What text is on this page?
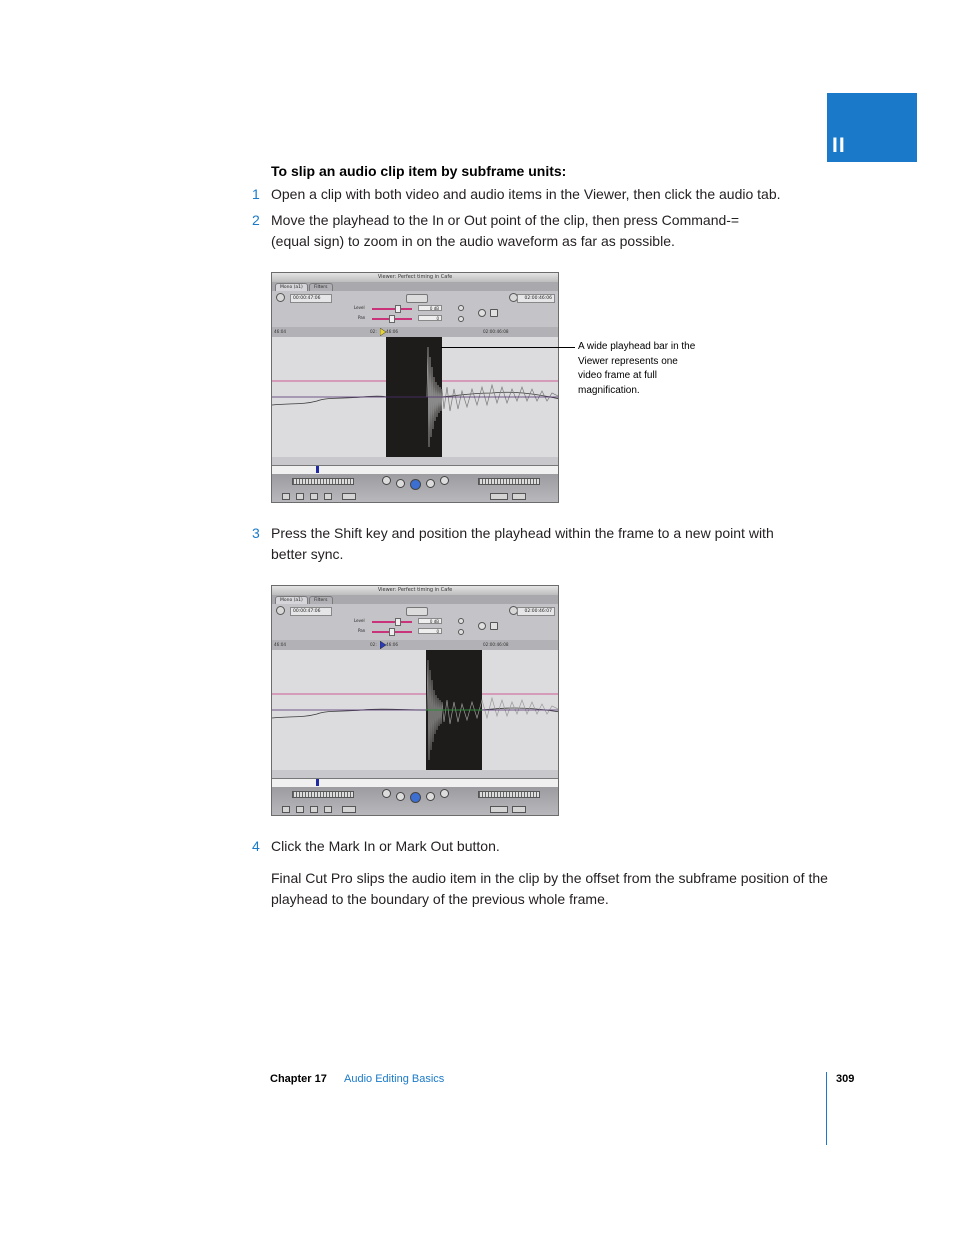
II
To slip an audio clip item by subframe units:
1 Open a clip with both video and audio items in the Viewer, then click the audio tab.
2 Move the playhead to the In or Out point of the clip, then press Command-= (equal sign) to zoom in on the audio waveform as far as possible.
Viewer: Perfect timing in Cafe
Mono (a1)	Filters
00:00:47:06	02:00:46:06
Level	0 dB
Pan	0
46:04	02: 46:06	02:00:46:08
A wide playhead bar in the Viewer represents one video frame at full magnification.
3 Press the Shift key and position the playhead within the frame to a new point with better sync.
Viewer: Perfect timing in Cafe
Mono (a1)	Filters
00:00:47:06	02:00:46:07
Level	0 dB
Pan	0
46:04	02: 46:06	02:00:46:08
4 Click the Mark In or Mark Out button.
Final Cut Pro slips the audio item in the clip by the offset from the subframe position of the playhead to the boundary of the previous whole frame.
Chapter 17 Audio Editing Basics	309
